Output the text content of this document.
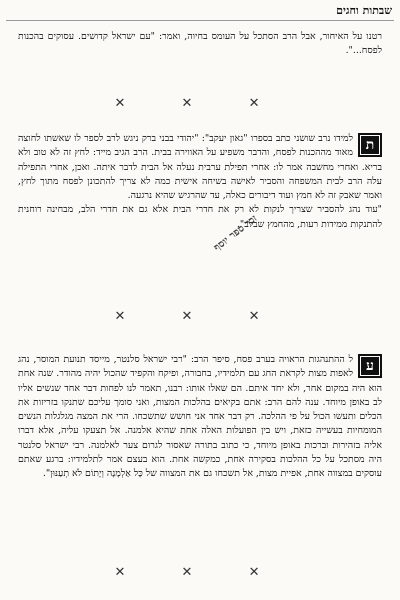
שבתות וחגים

רטנו על האיחור, אבל הרב הסתכל על העומס בחיוה, ואמר: "עם ישראל קדושים. עסוקים בהכנות לפסח...".

✕ ✕ ✕
ת

למידו נרב שושני כתב בספרו "גאון יעקב": "יהודי בבני ברק ניגש לרב לספר לו שאשתו לחוצה מאוד מההכנות לפסח, והדבר משפיע על האווירה בבית. הרב הגיב מייד: לחץ זה לא טוב ולא בריא. ואחרי מחשבה אמר לו: אחרי תפילת ערבית נעלה אל הבית לדבר איתה. ואכן, אחרי התפילה עלה הרב לבית המשפחה והסביר לאישה בשיחה אישית כמה לא צריך להתכונן לפסח מתוך לחץ, ואמר שאבק זה לא חמץ ועוד דיבורים כאלה, עד שהרגיש שהיא נרגעה.

"עוד נהג להסביר שצריך לנקות לא רק את חדרי הבית אלא גם את חדרי הלב, מבחינה רוחנית להתנקות ממידות רעות, מהחמץ שבלב".

✕ ✕ ✕
זכר ספר יוסף
ע

ל ההתנהגות הראויה בערב פסח, סיפר הרב: "רבי ישראל סלנטר, מייסד תנועת המוסר, נהג לאפות מצות לקראת החג עם תלמידיו, בחבורה, ופיקח והקפיד שהכול יהיה מהודר. שנה אחת הוא היה במקום אחר, ולא יחד איתם. הם שאלו אותו: רבנו, תאמר לנו לפחות דבר אחד שנשים אליו לב באופן מיוחד. ענה להם הרב: אתם בקיאים בהלכות המצות, ואני סומך עליכם שתנקו בזריזות את הכלים ותעשו הכול על פי ההלכה. רק דבר אחד אני חושש שתשכחו. הרי את המצה מגלגלות הנשים המומחיות בעשייה כזאת, ויש בין הפועלות האלה אחת שהיא אלמנה. אל תצעקו עליה, אלא דברו אליה בזהירות וברכות באופן מיוחד, כי כתוב בתורה שאסור לגרום צער לאלמנה. רבי ישראל סלנטר היה מסתכל על כל ההלכות בסקירה אחת, כמקשה אחת. הוא בעצם אמר לתלמידיו: ברגע שאתם עוסקים במצווה אחת, אפיית מצות, אל תשכחו גם את המצווה של כָּל אַלְמָנָה וְיָתוֹם לֹא תְעַנּוּן".

✕ ✕ ✕
